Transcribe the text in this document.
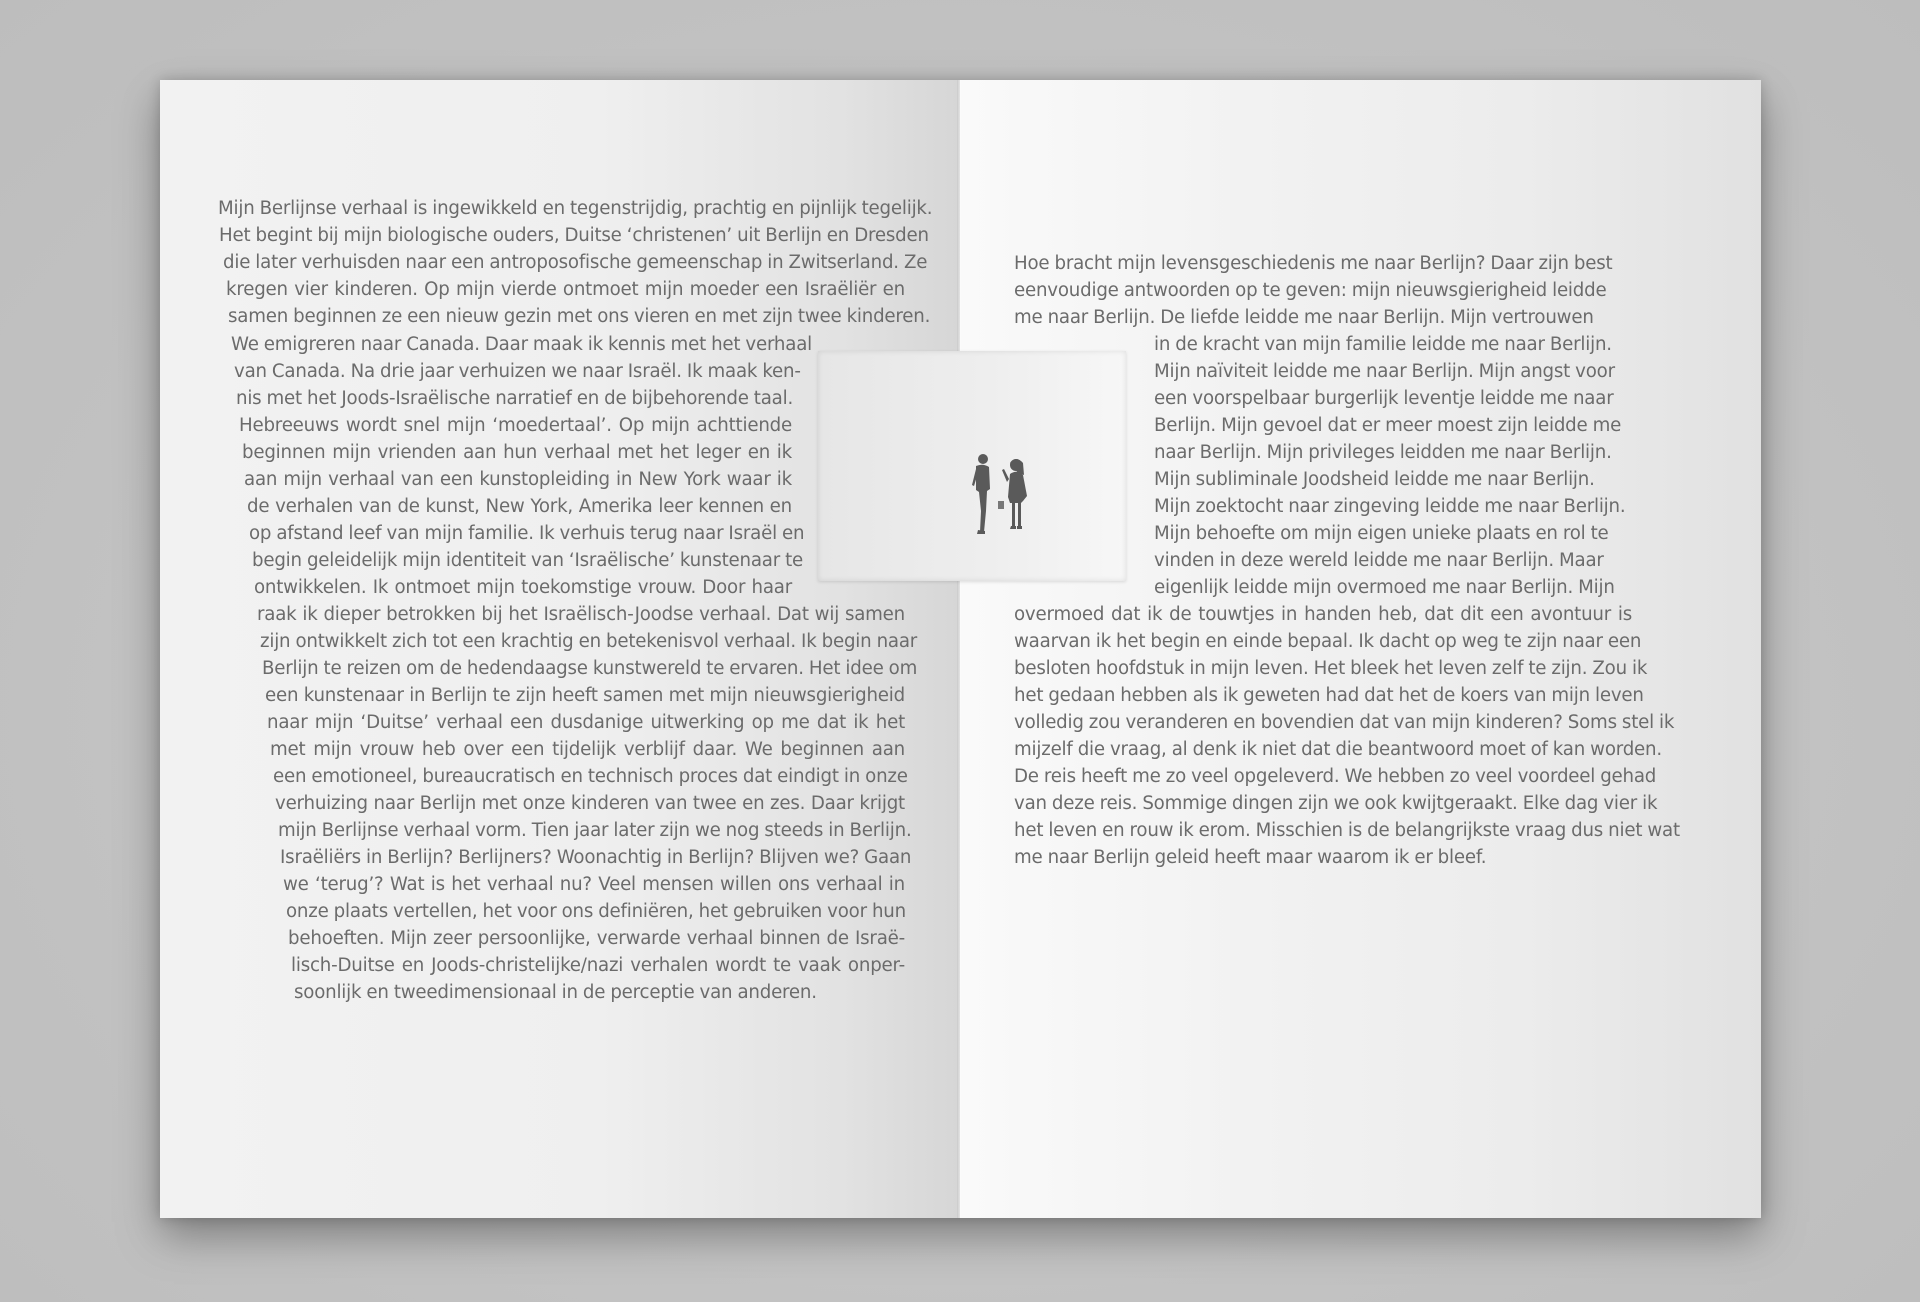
Mijn Berlijnse verhaal is ingewikkeld en tegenstrijdig, prachtig en pijnlijk tegelijk.
Het begint bij mijn biologische ouders, Duitse ‘christenen’ uit Berlijn en Dresden
die later verhuisden naar een antroposofische gemeenschap in Zwitserland. Ze
kregen vier kinderen. Op mijn vierde ontmoet mijn moeder een Israëliër en
samen beginnen ze een nieuw gezin met ons vieren en met zijn twee kinderen.
We emigreren naar Canada. Daar maak ik kennis met het verhaal
van Canada. Na drie jaar verhuizen we naar Israël. Ik maak ken-
nis met het Joods-Israëlische narratief en de bijbehorende taal.
Hebreeuws wordt snel mijn ‘moedertaal’. Op mijn achttiende
beginnen mijn vrienden aan hun verhaal met het leger en ik
aan mijn verhaal van een kunstopleiding in New York waar ik
de verhalen van de kunst, New York, Amerika leer kennen en
op afstand leef van mijn familie. Ik verhuis terug naar Israël en
begin geleidelijk mijn identiteit van ‘Israëlische’ kunstenaar te
ontwikkelen. Ik ontmoet mijn toekomstige vrouw. Door haar
raak ik dieper betrokken bij het Israëlisch-Joodse verhaal. Dat wij samen
zijn ontwikkelt zich tot een krachtig en betekenisvol verhaal. Ik begin naar
Berlijn te reizen om de hedendaagse kunstwereld te ervaren. Het idee om
een kunstenaar in Berlijn te zijn heeft samen met mijn nieuwsgierigheid
naar mijn ‘Duitse’ verhaal een dusdanige uitwerking op me dat ik het
met mijn vrouw heb over een tijdelijk verblijf daar. We beginnen aan
een emotioneel, bureaucratisch en technisch proces dat eindigt in onze
verhuizing naar Berlijn met onze kinderen van twee en zes. Daar krijgt
mijn Berlijnse verhaal vorm. Tien jaar later zijn we nog steeds in Berlijn.
Israëliërs in Berlijn? Berlijners? Woonachtig in Berlijn? Blijven we? Gaan
we ‘terug’? Wat is het verhaal nu? Veel mensen willen ons verhaal in
onze plaats vertellen, het voor ons definiëren, het gebruiken voor hun
behoeften. Mijn zeer persoonlijke, verwarde verhaal binnen de Israë-
lisch-Duitse en Joods-christelijke/nazi verhalen wordt te vaak onper-
soonlijk en tweedimensionaal in de perceptie van anderen.
Hoe bracht mijn levensgeschiedenis me naar Berlijn? Daar zijn best
eenvoudige antwoorden op te geven: mijn nieuwsgierigheid leidde
me naar Berlijn. De liefde leidde me naar Berlijn. Mijn vertrouwen
in de kracht van mijn familie leidde me naar Berlijn.
Mijn naïviteit leidde me naar Berlijn. Mijn angst voor
een voorspelbaar burgerlijk leventje leidde me naar
Berlijn. Mijn gevoel dat er meer moest zijn leidde me
naar Berlijn. Mijn privileges leidden me naar Berlijn.
Mijn subliminale Joodsheid leidde me naar Berlijn.
Mijn zoektocht naar zingeving leidde me naar Berlijn.
Mijn behoefte om mijn eigen unieke plaats en rol te
vinden in deze wereld leidde me naar Berlijn. Maar
eigenlijk leidde mijn overmoed me naar Berlijn. Mijn
overmoed dat ik de touwtjes in handen heb, dat dit een avontuur is
waarvan ik het begin en einde bepaal. Ik dacht op weg te zijn naar een
besloten hoofdstuk in mijn leven. Het bleek het leven zelf te zijn. Zou ik
het gedaan hebben als ik geweten had dat het de koers van mijn leven
volledig zou veranderen en bovendien dat van mijn kinderen? Soms stel ik
mijzelf die vraag, al denk ik niet dat die beantwoord moet of kan worden.
De reis heeft me zo veel opgeleverd. We hebben zo veel voordeel gehad
van deze reis. Sommige dingen zijn we ook kwijtgeraakt. Elke dag vier ik
het leven en rouw ik erom. Misschien is de belangrijkste vraag dus niet wat
me naar Berlijn geleid heeft maar waarom ik er bleef.
